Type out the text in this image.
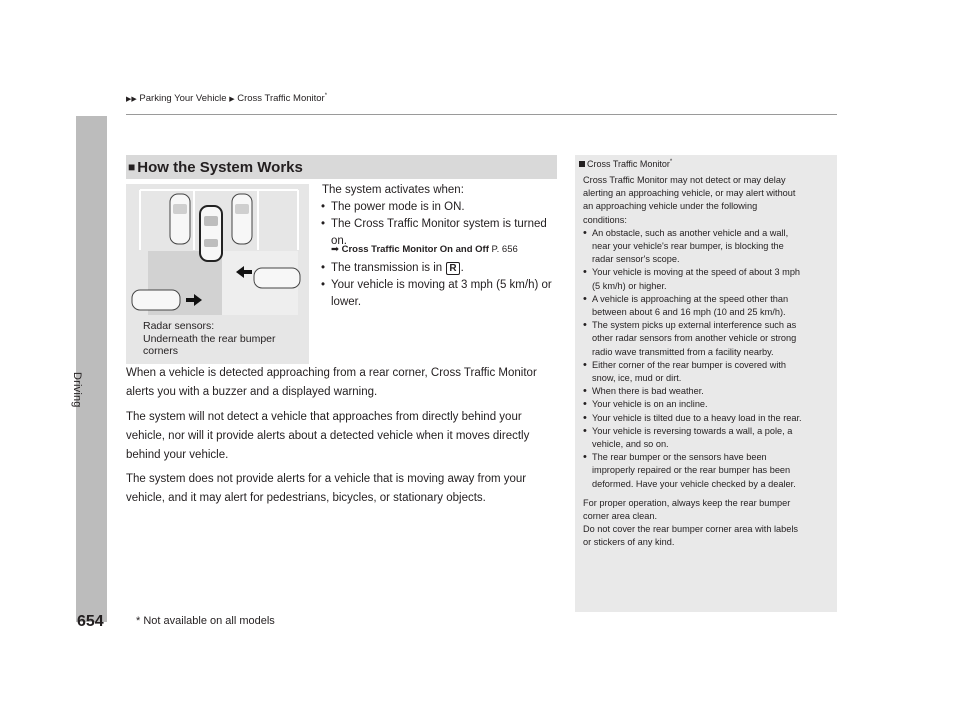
▶▶ Parking Your Vehicle ▶ Cross Traffic Monitor*
Driving
654	* Not available on all models
■ How the System Works
Radar sensors:
Underneath the rear bumper
corners
The system activates when:
• The power mode is in ON.
• The Cross Traffic Monitor system is turned
on.
➡ Cross Traffic Monitor On and Off P. 656
• The transmission is in R .
• Your vehicle is moving at 3 mph (5 km/h) or
lower.
When a vehicle is detected approaching from a rear corner, Cross Traffic Monitor
alerts you with a buzzer and a displayed warning.
The system will not detect a vehicle that approaches from directly behind your
vehicle, nor will it provide alerts about a detected vehicle when it moves directly
behind your vehicle.
The system does not provide alerts for a vehicle that is moving away from your
vehicle, and it may alert for pedestrians, bicycles, or stationary objects.
Cross Traffic Monitor*
Cross Traffic Monitor may not detect or may delay
alerting an approaching vehicle, or may alert without
an approaching vehicle under the following
conditions:
• An obstacle, such as another vehicle and a wall,
near your vehicle's rear bumper, is blocking the
radar sensor's scope.
• Your vehicle is moving at the speed of about 3 mph
(5 km/h) or higher.
• A vehicle is approaching at the speed other than
between about 6 and 16 mph (10 and 25 km/h).
• The system picks up external interference such as
other radar sensors from another vehicle or strong
radio wave transmitted from a facility nearby.
• Either corner of the rear bumper is covered with
snow, ice, mud or dirt.
• When there is bad weather.
• Your vehicle is on an incline.
• Your vehicle is tilted due to a heavy load in the rear.
• Your vehicle is reversing towards a wall, a pole, a
vehicle, and so on.
• The rear bumper or the sensors have been
improperly repaired or the rear bumper has been
deformed. Have your vehicle checked by a dealer.
For proper operation, always keep the rear bumper
corner area clean.
Do not cover the rear bumper corner area with labels
or stickers of any kind.
